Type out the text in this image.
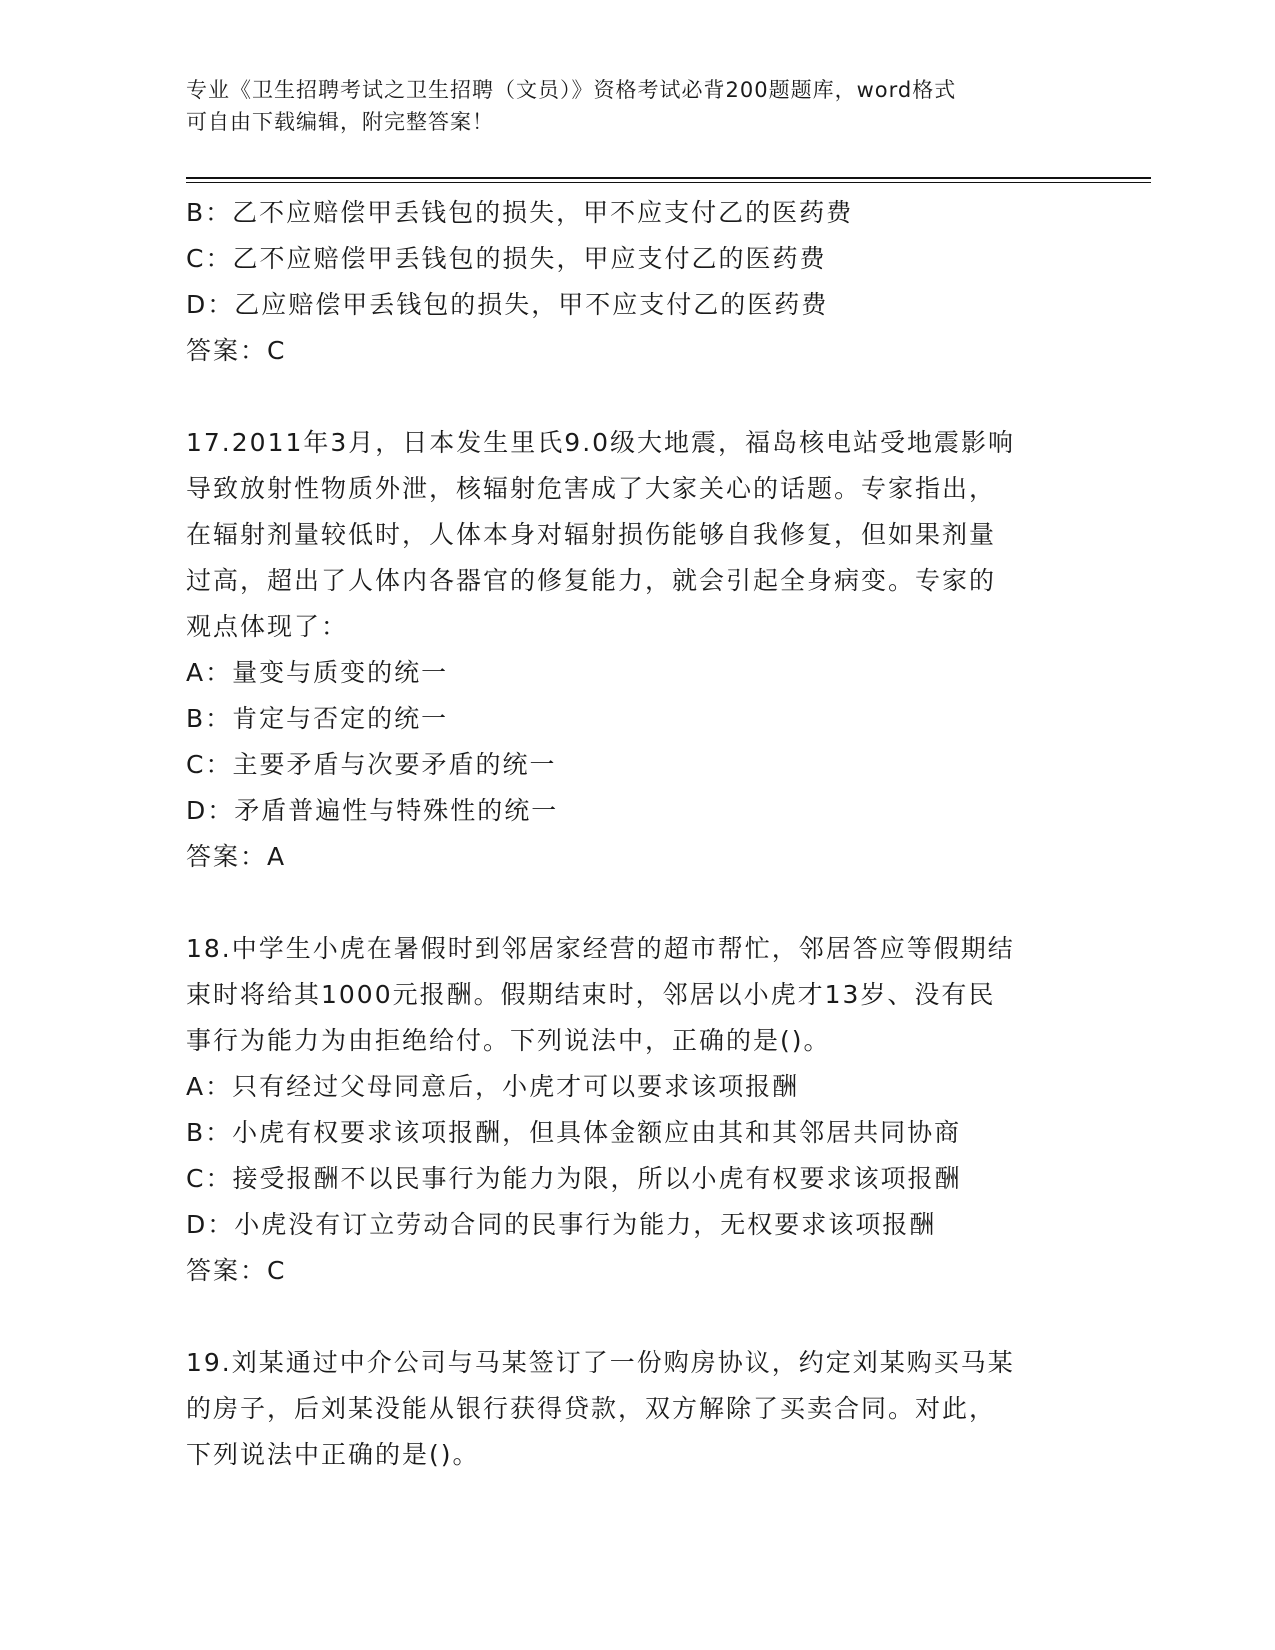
专业《卫生招聘考试之卫生招聘（文员）》资格考试必背200题题库，word格式
可自由下载编辑，附完整答案！
B：乙不应赔偿甲丢钱包的损失，甲不应支付乙的医药费
C：乙不应赔偿甲丢钱包的损失，甲应支付乙的医药费
D：乙应赔偿甲丢钱包的损失，甲不应支付乙的医药费
答案：C
17.2011年3月，日本发生里氏9.0级大地震，福岛核电站受地震影响
导致放射性物质外泄，核辐射危害成了大家关心的话题。专家指出，
在辐射剂量较低时，人体本身对辐射损伤能够自我修复，但如果剂量
过高，超出了人体内各器官的修复能力，就会引起全身病变。专家的
观点体现了：
A：量变与质变的统一
B：肯定与否定的统一
C：主要矛盾与次要矛盾的统一
D：矛盾普遍性与特殊性的统一
答案：A
18.中学生小虎在暑假时到邻居家经营的超市帮忙，邻居答应等假期结
束时将给其1000元报酬。假期结束时，邻居以小虎才13岁、没有民
事行为能力为由拒绝给付。下列说法中，正确的是()。
A：只有经过父母同意后，小虎才可以要求该项报酬
B：小虎有权要求该项报酬，但具体金额应由其和其邻居共同协商
C：接受报酬不以民事行为能力为限，所以小虎有权要求该项报酬
D：小虎没有订立劳动合同的民事行为能力，无权要求该项报酬
答案：C
19.刘某通过中介公司与马某签订了一份购房协议，约定刘某购买马某
的房子，后刘某没能从银行获得贷款，双方解除了买卖合同。对此，
下列说法中正确的是()。
